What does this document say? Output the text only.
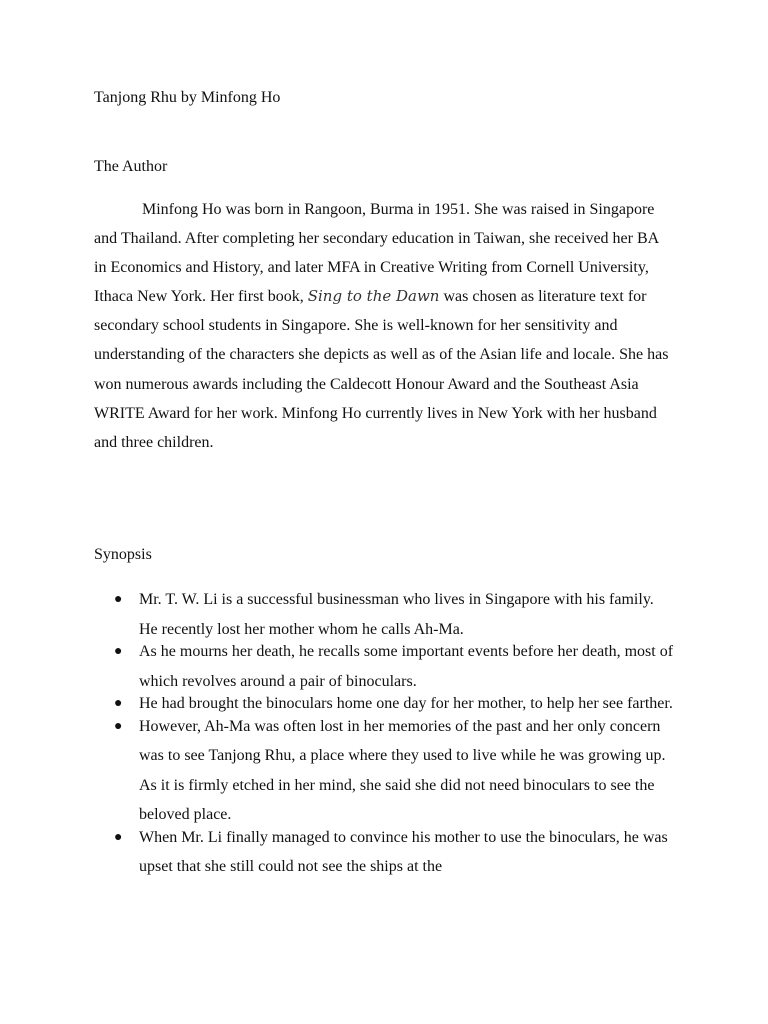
Tanjong Rhu by Minfong Ho
The Author

Minfong Ho was born in Rangoon, Burma in 1951. She was raised in Singapore and Thailand. After completing her secondary education in Taiwan, she received her BA in Economics and History, and later MFA in Creative Writing from Cornell University, Ithaca New York. Her first book, Sing to the Dawn was chosen as literature text for secondary school students in Singapore. She is well-known for her sensitivity and understanding of the characters she depicts as well as of the Asian life and locale. She has won numerous awards including the Caldecott Honour Award and the Southeast Asia WRITE Award for her work. Minfong Ho currently lives in New York with her husband and three children.

Synopsis
● Mr. T. W. Li is a successful businessman who lives in Singapore with his family. He recently lost her mother whom he calls Ah-Ma.
● As he mourns her death, he recalls some important events before her death, most of which revolves around a pair of binoculars.
● He had brought the binoculars home one day for her mother, to help her see farther.
● However, Ah-Ma was often lost in her memories of the past and her only concern was to see Tanjong Rhu, a place where they used to live while he was growing up. As it is firmly etched in her mind, she said she did not need binoculars to see the beloved place.
● When Mr. Li finally managed to convince his mother to use the binoculars, he was upset that she still could not see the ships at the
